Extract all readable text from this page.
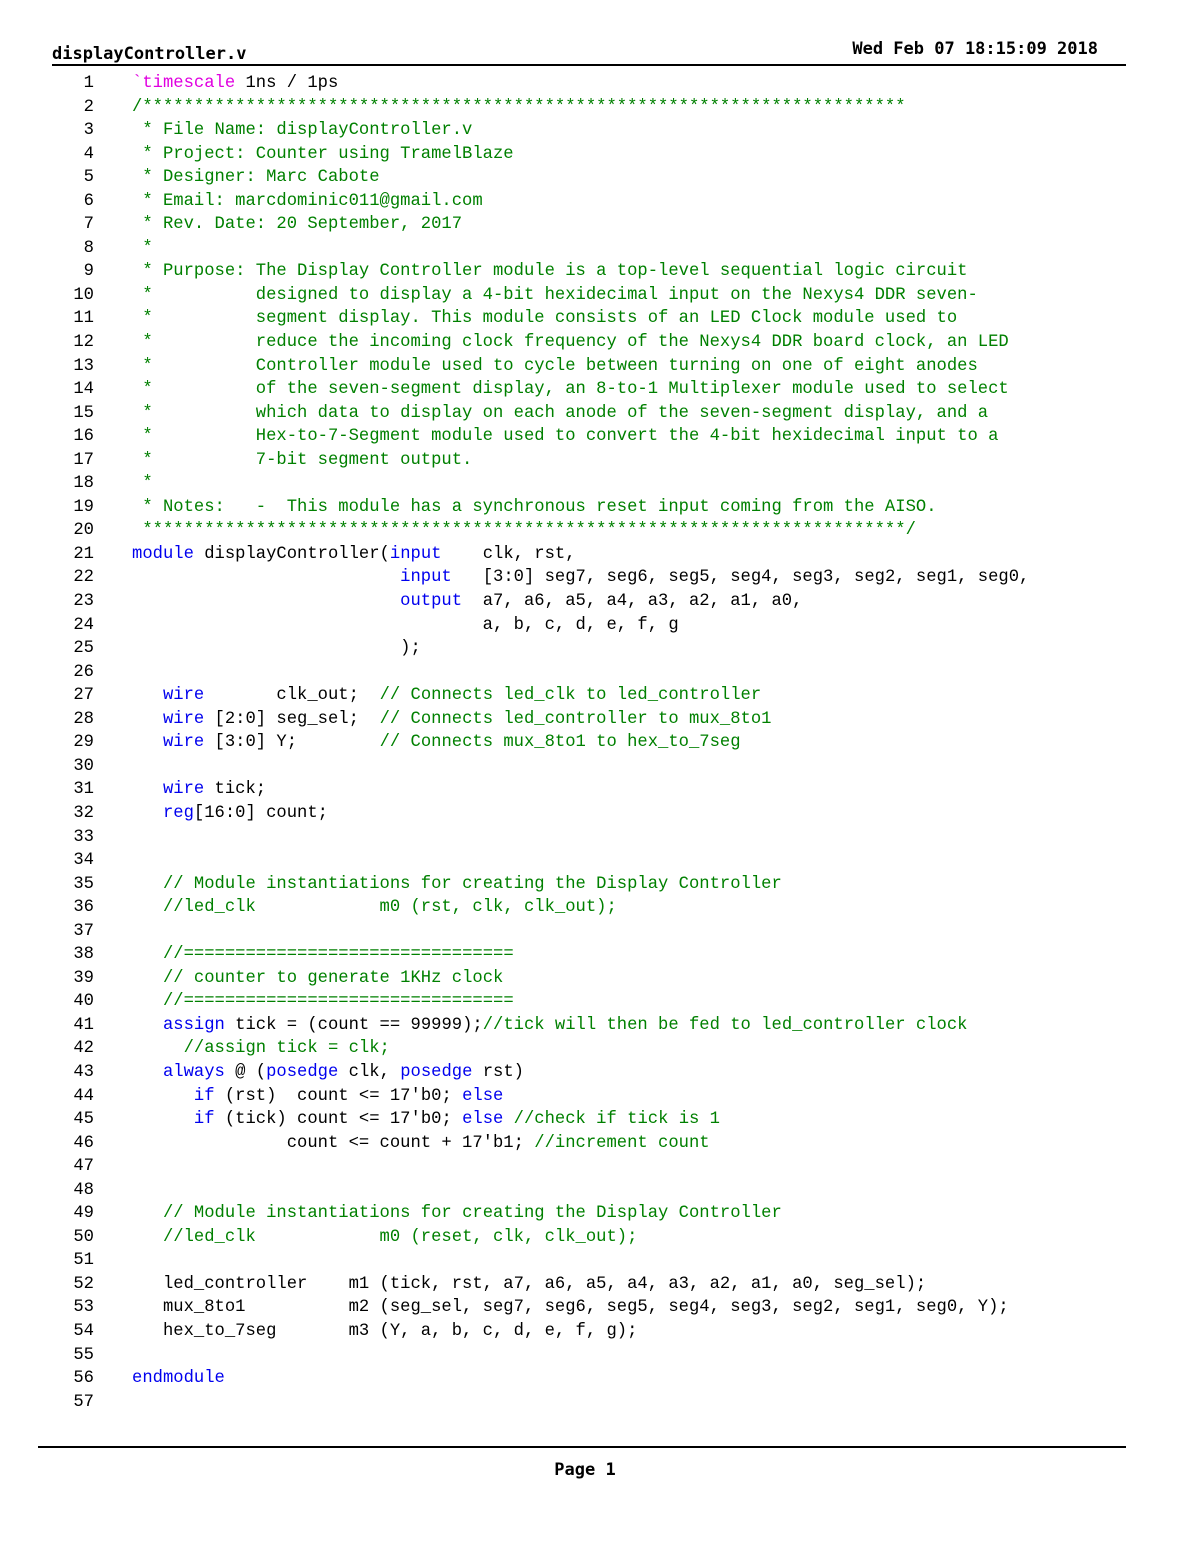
displayController.v	Wed Feb 07 18:15:09 2018
1 `timescale 1ns / 1ps
2 /**************************************************************************
3 * File Name: displayController.v
4 * Project: Counter using TramelBlaze
5 * Designer: Marc Cabote
6 * Email: marcdominic011@gmail.com
7 * Rev. Date: 20 September, 2017
8 *
9 * Purpose: The Display Controller module is a top-level sequential logic circuit
10 *          designed to display a 4-bit hexidecimal input on the Nexys4 DDR seven-
11 *          segment display. This module consists of an LED Clock module used to
12 *          reduce the incoming clock frequency of the Nexys4 DDR board clock, an LED
13 *          Controller module used to cycle between turning on one of eight anodes
14 *          of the seven-segment display, an 8-to-1 Multiplexer module used to select
15 *          which data to display on each anode of the seven-segment display, and a
16 *          Hex-to-7-Segment module used to convert the 4-bit hexidecimal input to a
17 *          7-bit segment output.
18 *
19 * Notes:   -  This module has a synchronous reset input coming from the AISO.
20 **************************************************************************/
21 module displayController(input    clk, rst,
22	input   [3:0] seg7, seg6, seg5, seg4, seg3, seg2, seg1, seg0,
23	output  a7, a6, a5, a4, a3, a2, a1, a0,
24 a, b, c, d, e, f, g
25 );
26
27	wire       clk_out;  // Connects led_clk to led_controller
28	wire [2:0] seg_sel;  // Connects led_controller to mux_8to1
29	wire [3:0] Y;        // Connects mux_8to1 to hex_to_7seg
30
31	wire tick;
32	reg[16:0] count;
33
34
35	// Module instantiations for creating the Display Controller
36	//led_clk            m0 (rst, clk, clk_out);
37
38	//================================
39	// counter to generate 1KHz clock
40	//================================
41	assign tick = (count == 99999);//tick will then be fed to led_controller clock
42	//assign tick = clk;
43	always @ (posedge clk, posedge rst)
44	if (rst)  count <= 17'b0; else
45	if (tick) count <= 17'b0; else //check if tick is 1
46 count <= count + 17'b1; //increment count
47
48
49	// Module instantiations for creating the Display Controller
50	//led_clk            m0 (reset, clk, clk_out);
51
52 led_controller    m1 (tick, rst, a7, a6, a5, a4, a3, a2, a1, a0, seg_sel);
53 mux_8to1          m2 (seg_sel, seg7, seg6, seg5, seg4, seg3, seg2, seg1, seg0, Y);
54 hex_to_7seg       m3 (Y, a, b, c, d, e, f, g);
55
56 endmodule
57
Page 1
